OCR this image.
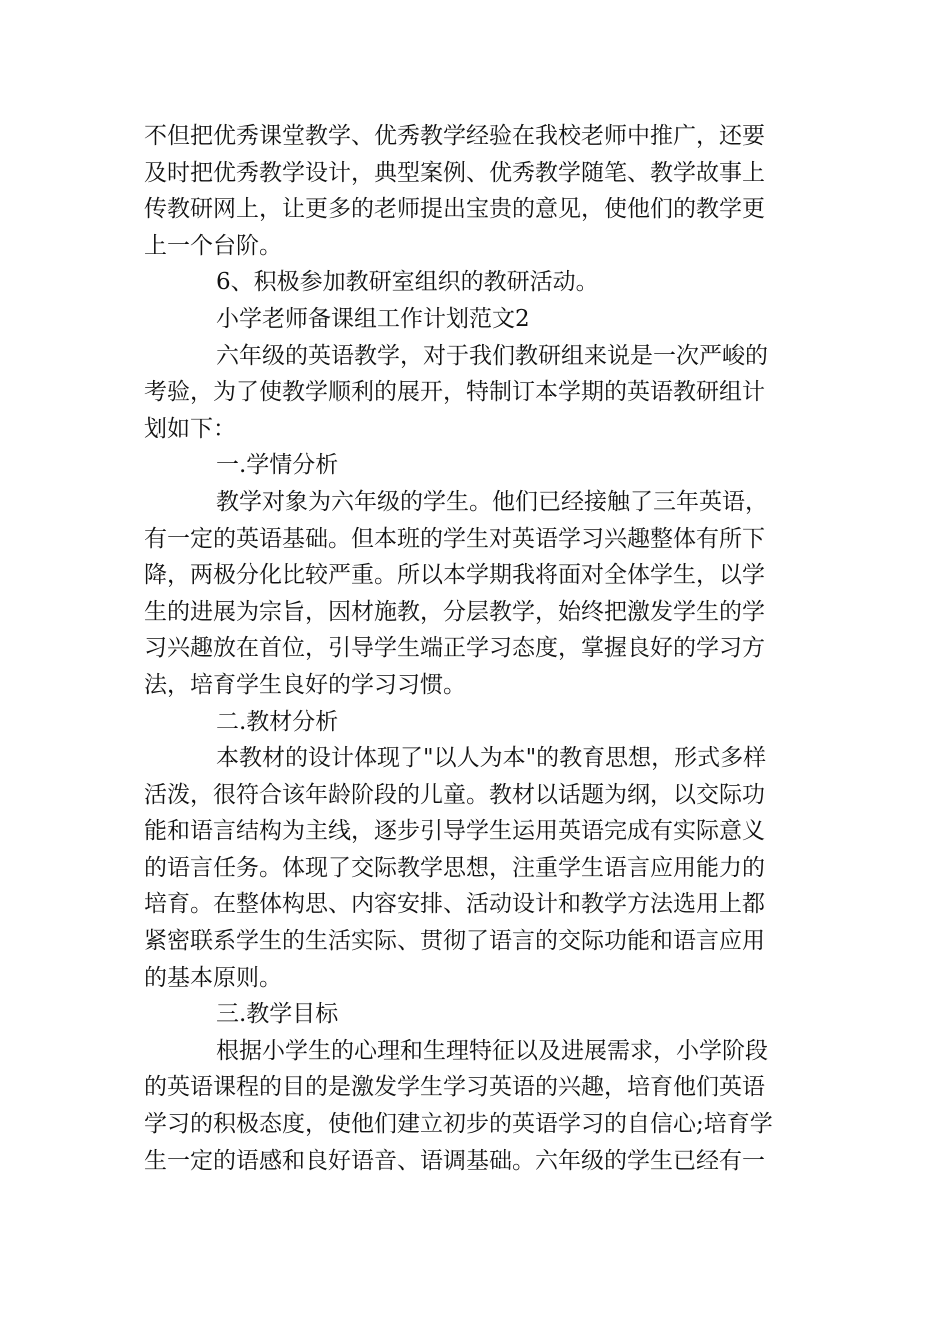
不但把优秀课堂教学、优秀教学经验在我校老师中推广，还要
及时把优秀教学设计，典型案例、优秀教学随笔、教学故事上
传教研网上，让更多的老师提出宝贵的意见，使他们的教学更
上一个台阶。
6、积极参加教研室组织的教研活动。
小学老师备课组工作计划范文2
六年级的英语教学，对于我们教研组来说是一次严峻的
考验，为了使教学顺利的展开，特制订本学期的英语教研组计
划如下：
一.学情分析
教学对象为六年级的学生。他们已经接触了三年英语，
有一定的英语基础。但本班的学生对英语学习兴趣整体有所下
降，两极分化比较严重。所以本学期我将面对全体学生，以学
生的进展为宗旨，因材施教，分层教学，始终把激发学生的学
习兴趣放在首位，引导学生端正学习态度，掌握良好的学习方
法，培育学生良好的学习习惯。
二.教材分析
本教材的设计体现了"以人为本"的教育思想，形式多样
活泼，很符合该年龄阶段的儿童。教材以话题为纲，以交际功
能和语言结构为主线，逐步引导学生运用英语完成有实际意义
的语言任务。体现了交际教学思想，注重学生语言应用能力的
培育。在整体构思、内容安排、活动设计和教学方法选用上都
紧密联系学生的生活实际、贯彻了语言的交际功能和语言应用
的基本原则。
三.教学目标
根据小学生的心理和生理特征以及进展需求，小学阶段
的英语课程的目的是激发学生学习英语的兴趣，培育他们英语
学习的积极态度，使他们建立初步的英语学习的自信心;培育学
生一定的语感和良好语音、语调基础。六年级的学生已经有一
